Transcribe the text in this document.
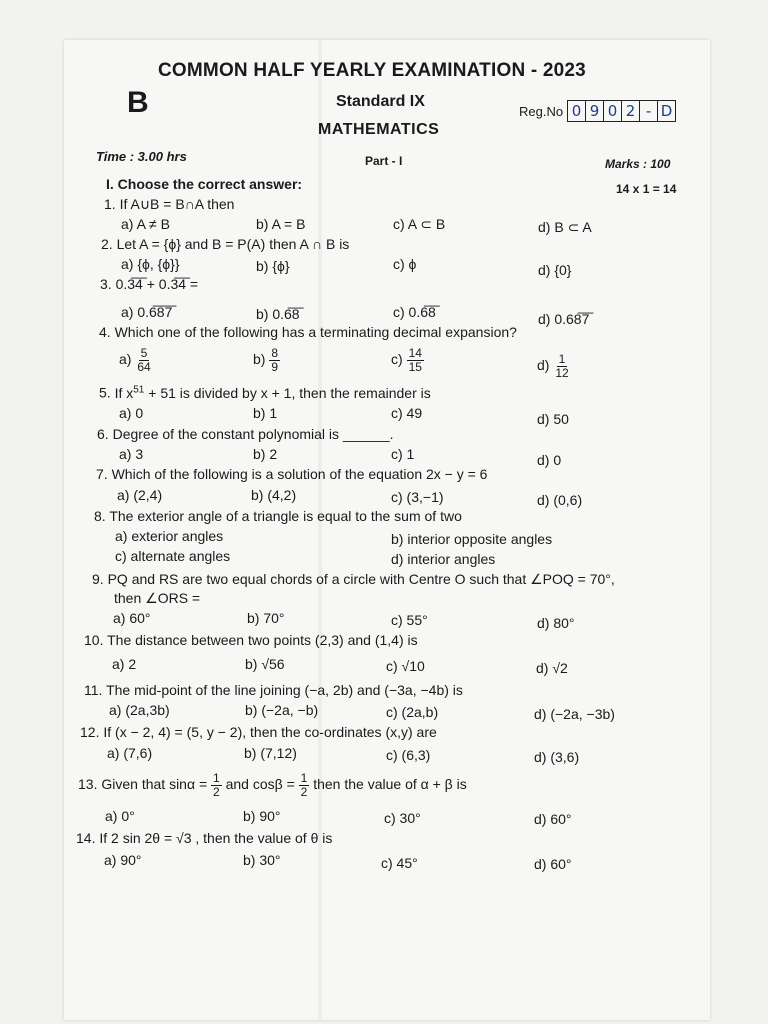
COMMON HALF YEARLY EXAMINATION - 2023
B	Standard IX
MATHEMATICS
Reg.No 0 9 0 2 - D
Time : 3.00 hrs	Part - I	Marks : 100
I. Choose the correct answer:	14 x 1 = 14
1. If A∪B = B∩A then
a) A ≠ B	b) A = B	c) A ⊂ B	d) B ⊂ A
2. Let A = {ϕ} and B = P(A) then A ∩ B is
a) {ϕ, {ϕ}}	b) {ϕ}	c) ϕ	d) {0}
3. 0.3̅4̅ + 0.3̅4̅ =
a) 0.6̅8̅7̅	b) 0.6̅8̅	c) 0.6̅8̅	d) 0.68̅7̅
4. Which one of the following has a terminating decimal expansion?
$a) \frac{5}{64}$	$b) \frac{8}{9}$	$c) \frac{14}{15}$	$d) \frac{1}{12}$
5. If $x^{51} + 51$ is divided by x + 1, then the remainder is
a) 0	b) 1	c) 49	d) 50
6. Degree of the constant polynomial is ______.
a) 3	b) 2	c) 1	d) 0
7. Which of the following is a solution of the equation 2x − y = 6
a) (2,4)	b) (4,2)	c) (3,−1)	d) (0,6)
8. The exterior angle of a triangle is equal to the sum of two
a) exterior angles	b) interior opposite angles
c) alternate angles	d) interior angles
9. PQ and RS are two equal chords of a circle with Centre O such that ∠POQ = 70°,
then ∠ORS =
a) 60°	b) 70°	c) 55°	d) 80°
10. The distance between two points (2,3) and (1,4) is
a) 2	b) √56	c) √10	d) √2
11. The mid-point of the line joining (−a, 2b) and (−3a, −4b) is
a) (2a,3b)	b) (−2a, −b)	c) (2a,b)	d) (−2a, −3b)
12. If (x − 2, 4) = (5, y − 2), then the co-ordinates (x,y) are
a) (7,6)	b) (7,12)	c) (6,3)	d) (3,6)
13. Given that $\sin\alpha = \frac{1}{2}$ and $\cos\beta = \frac{1}{2}$ then the value of α + β is
a) 0°	b) 90°	c) 30°	d) 60°
14. If 2 sin 2θ = √3 , then the value of θ is
a) 90°	b) 30°	c) 45°	d) 60°
